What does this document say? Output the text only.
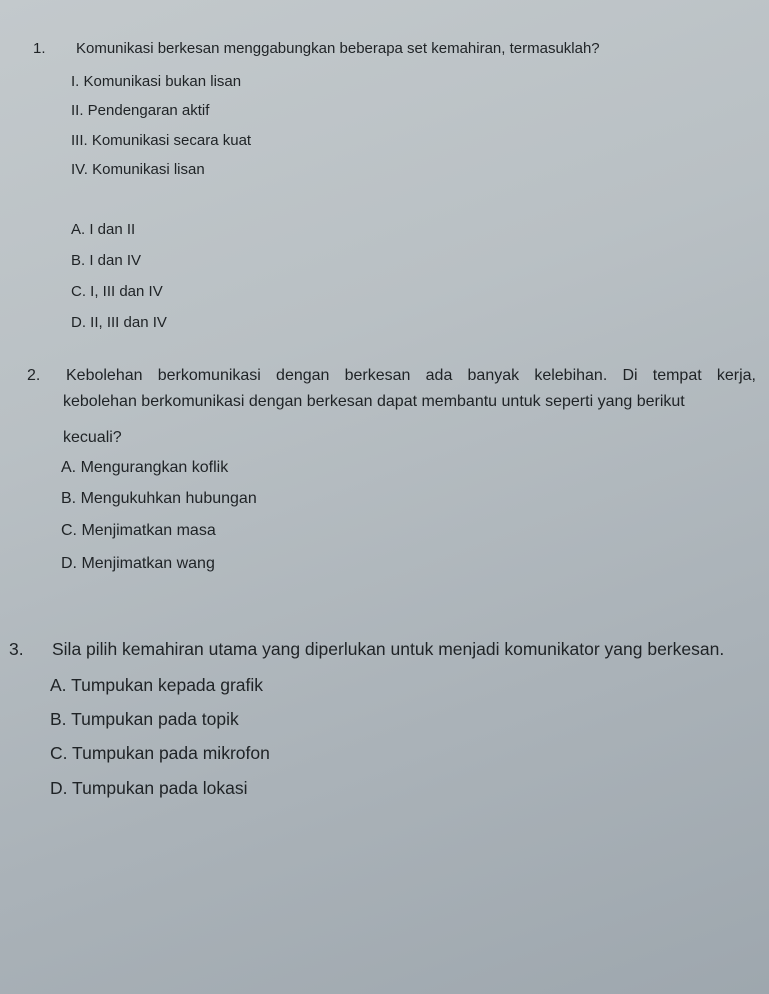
1. Komunikasi berkesan menggabungkan beberapa set kemahiran, termasuklah?
I. Komunikasi bukan lisan
II. Pendengaran aktif
III. Komunikasi secara kuat
IV. Komunikasi lisan
A. I dan II
B. I dan IV
C. I, III dan IV
D. II, III dan IV
2. Kebolehan berkomunikasi dengan berkesan ada banyak kelebihan. Di tempat kerja,
kebolehan berkomunikasi dengan berkesan dapat membantu untuk seperti yang berikut
kecuali?
A. Mengurangkan koflik
B. Mengukuhkan hubungan
C. Menjimatkan masa
D. Menjimatkan wang
3. Sila pilih kemahiran utama yang diperlukan untuk menjadi komunikator yang berkesan.
A. Tumpukan kepada grafik
B. Tumpukan pada topik
C. Tumpukan pada mikrofon
D. Tumpukan pada lokasi
